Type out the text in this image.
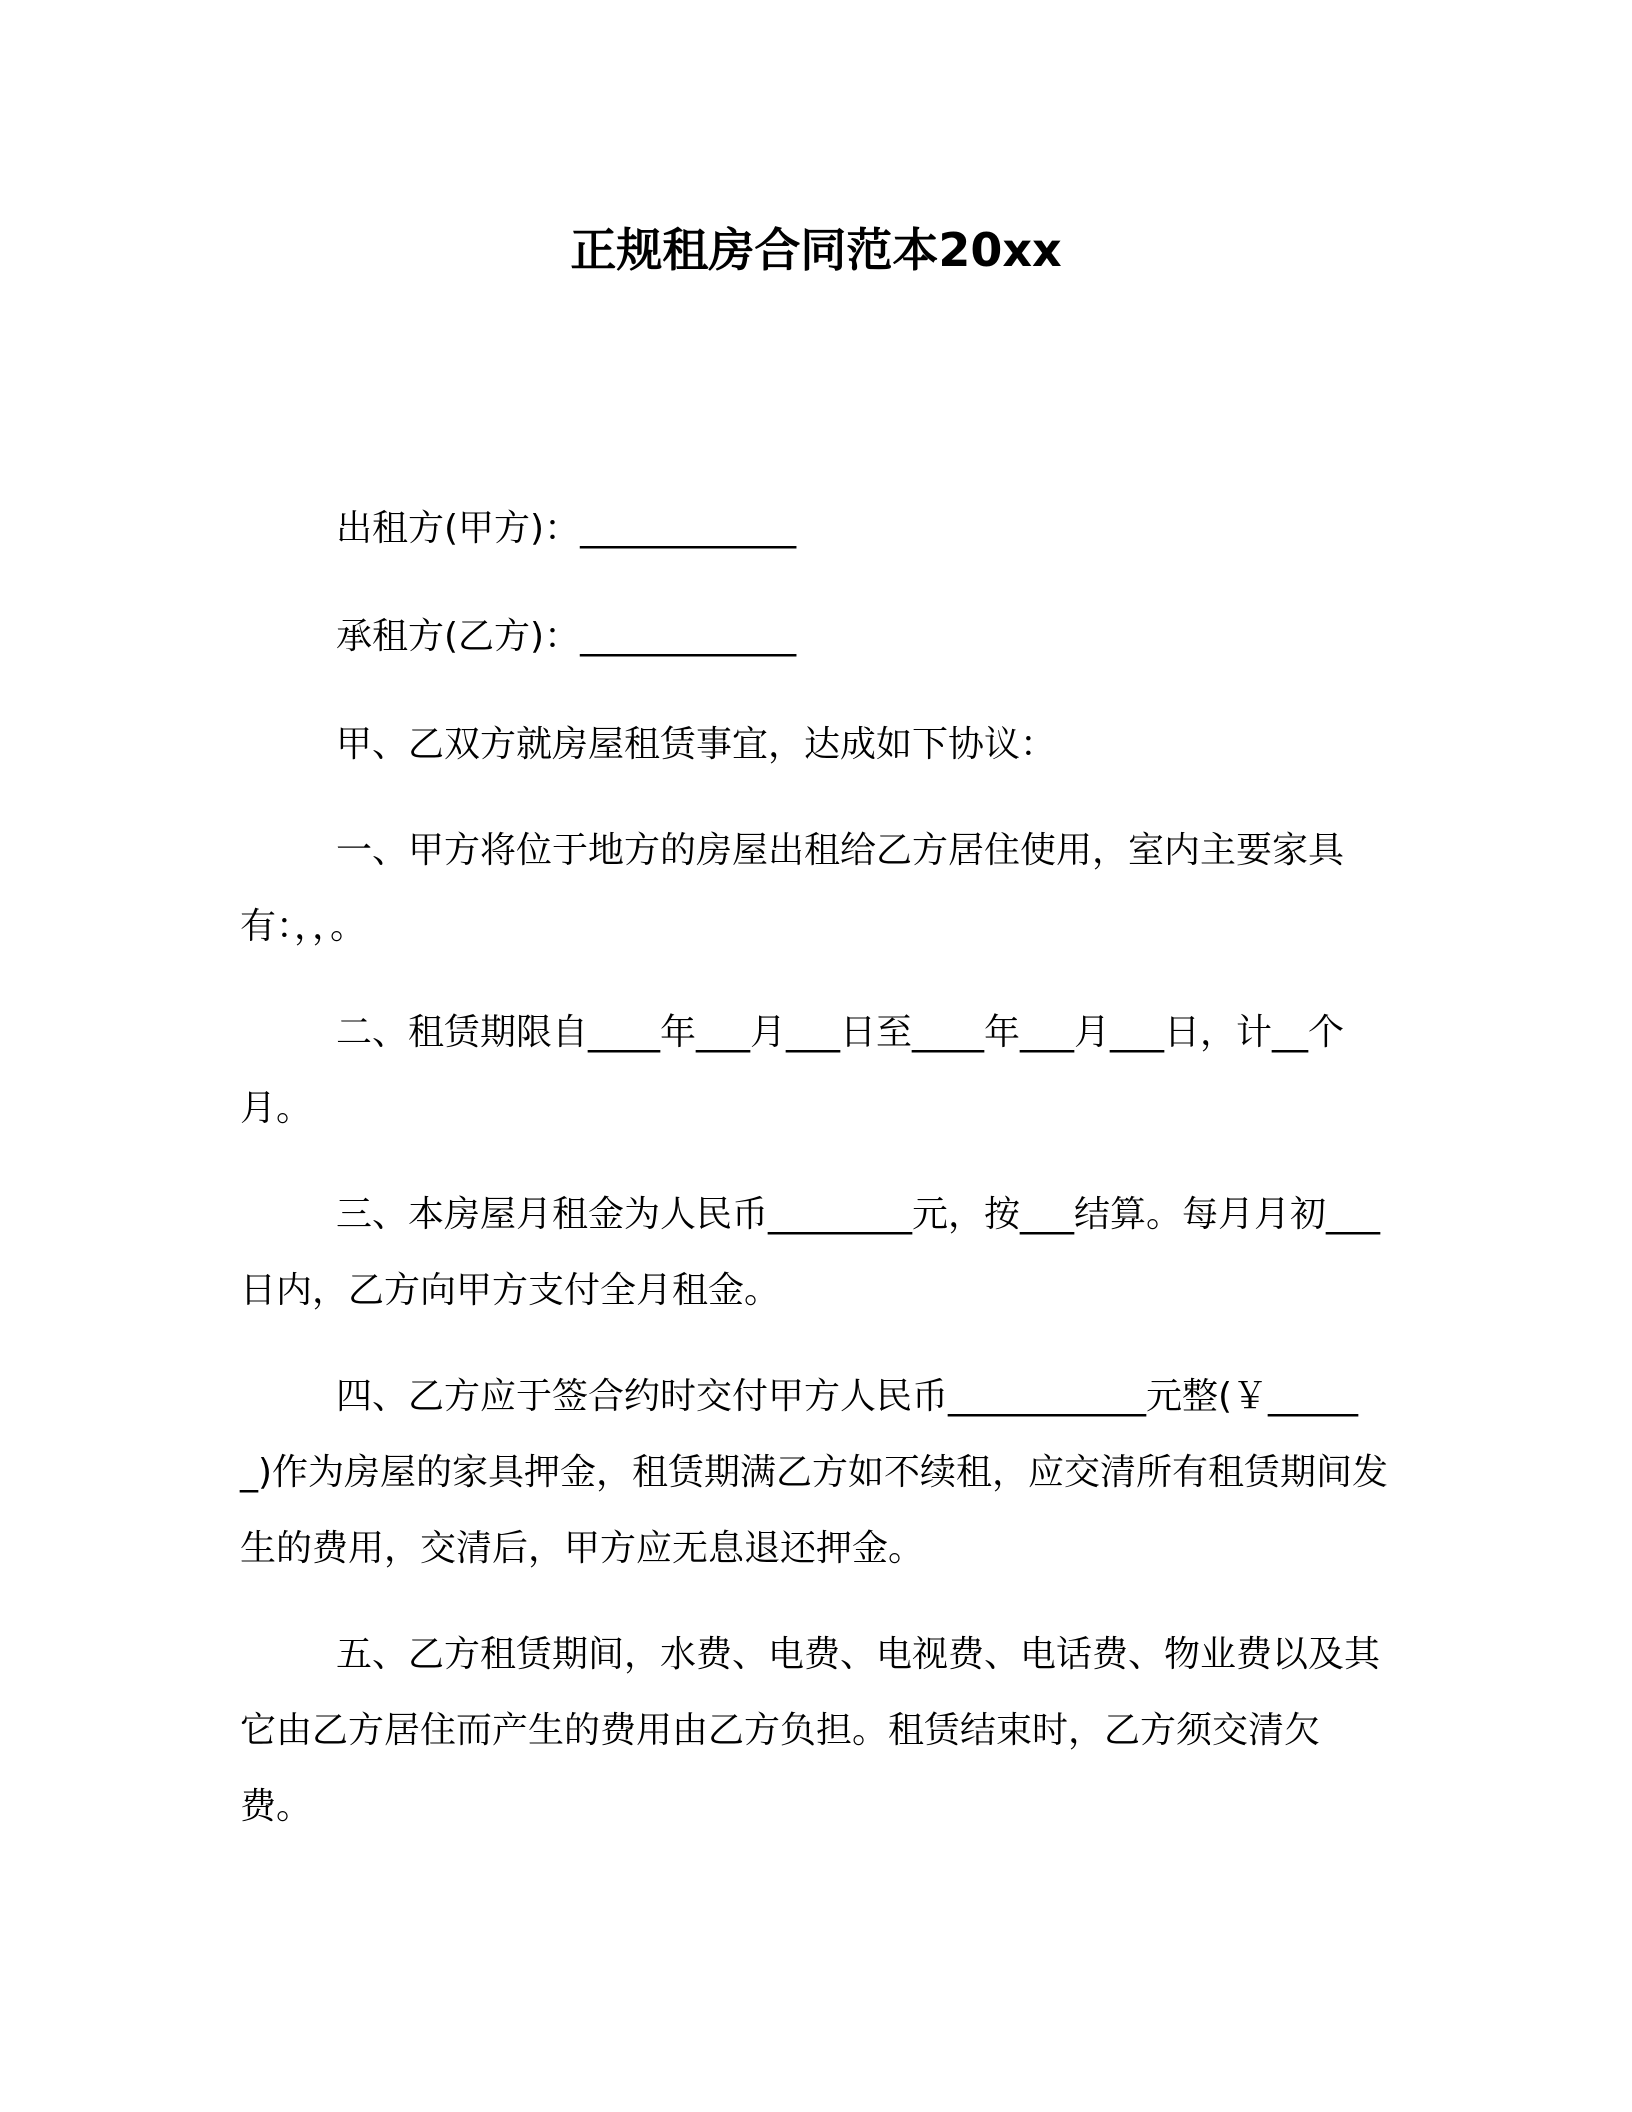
正规租房合同范本20xx

出租方(甲方)：____________

承租方(乙方)：____________

甲、乙双方就房屋租赁事宜，达成如下协议：

一、甲方将位于地方的房屋出租给乙方居住使用，室内主要家具有：，，。

二、租赁期限自____年___月___日至____年___月___日，计__个月。

三、本房屋月租金为人民币________元，按___结算。每月月初___日内，乙方向甲方支付全月租金。

四、乙方应于签合约时交付甲方人民币___________元整(￥______)作为房屋的家具押金，租赁期满乙方如不续租，应交清所有租赁期间发生的费用，交清后，甲方应无息退还押金。

五、乙方租赁期间，水费、电费、电视费、电话费、物业费以及其它由乙方居住而产生的费用由乙方负担。租赁结束时，乙方须交清欠费。
